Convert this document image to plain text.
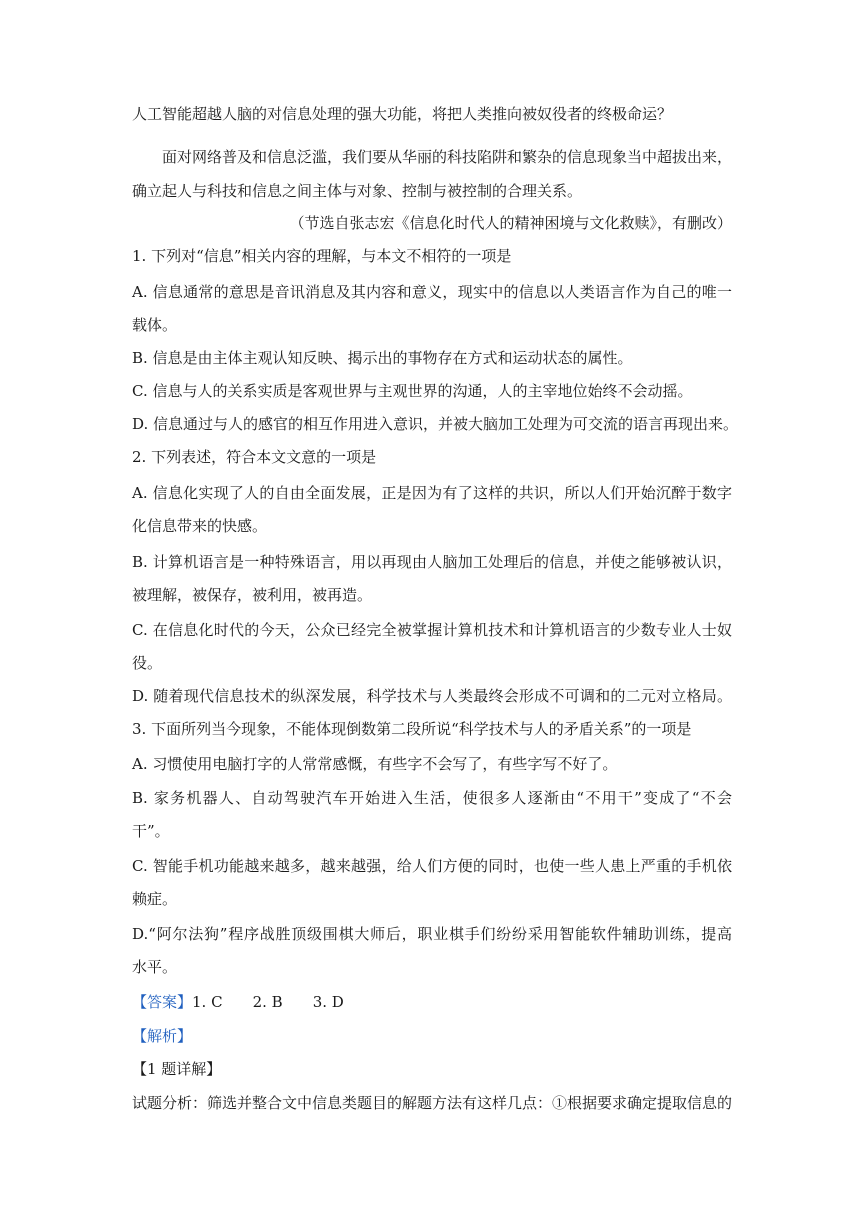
人工智能超越人脑的对信息处理的强大功能，将把人类推向被奴役者的终极命运？
面对网络普及和信息泛滥，我们要从华丽的科技陷阱和繁杂的信息现象当中超拔出来，
确立起人与科技和信息之间主体与对象、控制与被控制的合理关系。
（节选自张志宏《信息化时代人的精神困境与文化救赎》，有删改）
1. 下列对“信息”相关内容的理解，与本文不相符的一项是
A. 信息通常的意思是音讯消息及其内容和意义，现实中的信息以人类语言作为自己的唯一
载体。
B. 信息是由主体主观认知反映、揭示出的事物存在方式和运动状态的属性。
C. 信息与人的关系实质是客观世界与主观世界的沟通，人的主宰地位始终不会动摇。
D. 信息通过与人的感官的相互作用进入意识，并被大脑加工处理为可交流的语言再现出来。
2. 下列表述，符合本文文意的一项是
A. 信息化实现了人的自由全面发展，正是因为有了这样的共识，所以人们开始沉醉于数字
化信息带来的快感。
B. 计算机语言是一种特殊语言，用以再现由人脑加工处理后的信息，并使之能够被认识，
被理解，被保存，被利用，被再造。
C. 在信息化时代的今天，公众已经完全被掌握计算机技术和计算机语言的少数专业人士奴
役。
D. 随着现代信息技术的纵深发展，科学技术与人类最终会形成不可调和的二元对立格局。
3. 下面所列当今现象，不能体现倒数第二段所说“科学技术与人的矛盾关系”的一项是
A. 习惯使用电脑打字的人常常感慨，有些字不会写了，有些字写不好了。
B. 家务机器人、自动驾驶汽车开始进入生活，使很多人逐渐由“不用干”变成了“不会
干”。
C. 智能手机功能越来越多，越来越强，给人们方便的同时，也使一些人患上严重的手机依
赖症。
D.“阿尔法狗”程序战胜顶级围棋大师后，职业棋手们纷纷采用智能软件辅助训练，提高
水平。
【答案】1. C 2. B 3. D
【解析】
【1 题详解】
试题分析：筛选并整合文中信息类题目的解题方法有这样几点：①根据要求确定提取信息的
